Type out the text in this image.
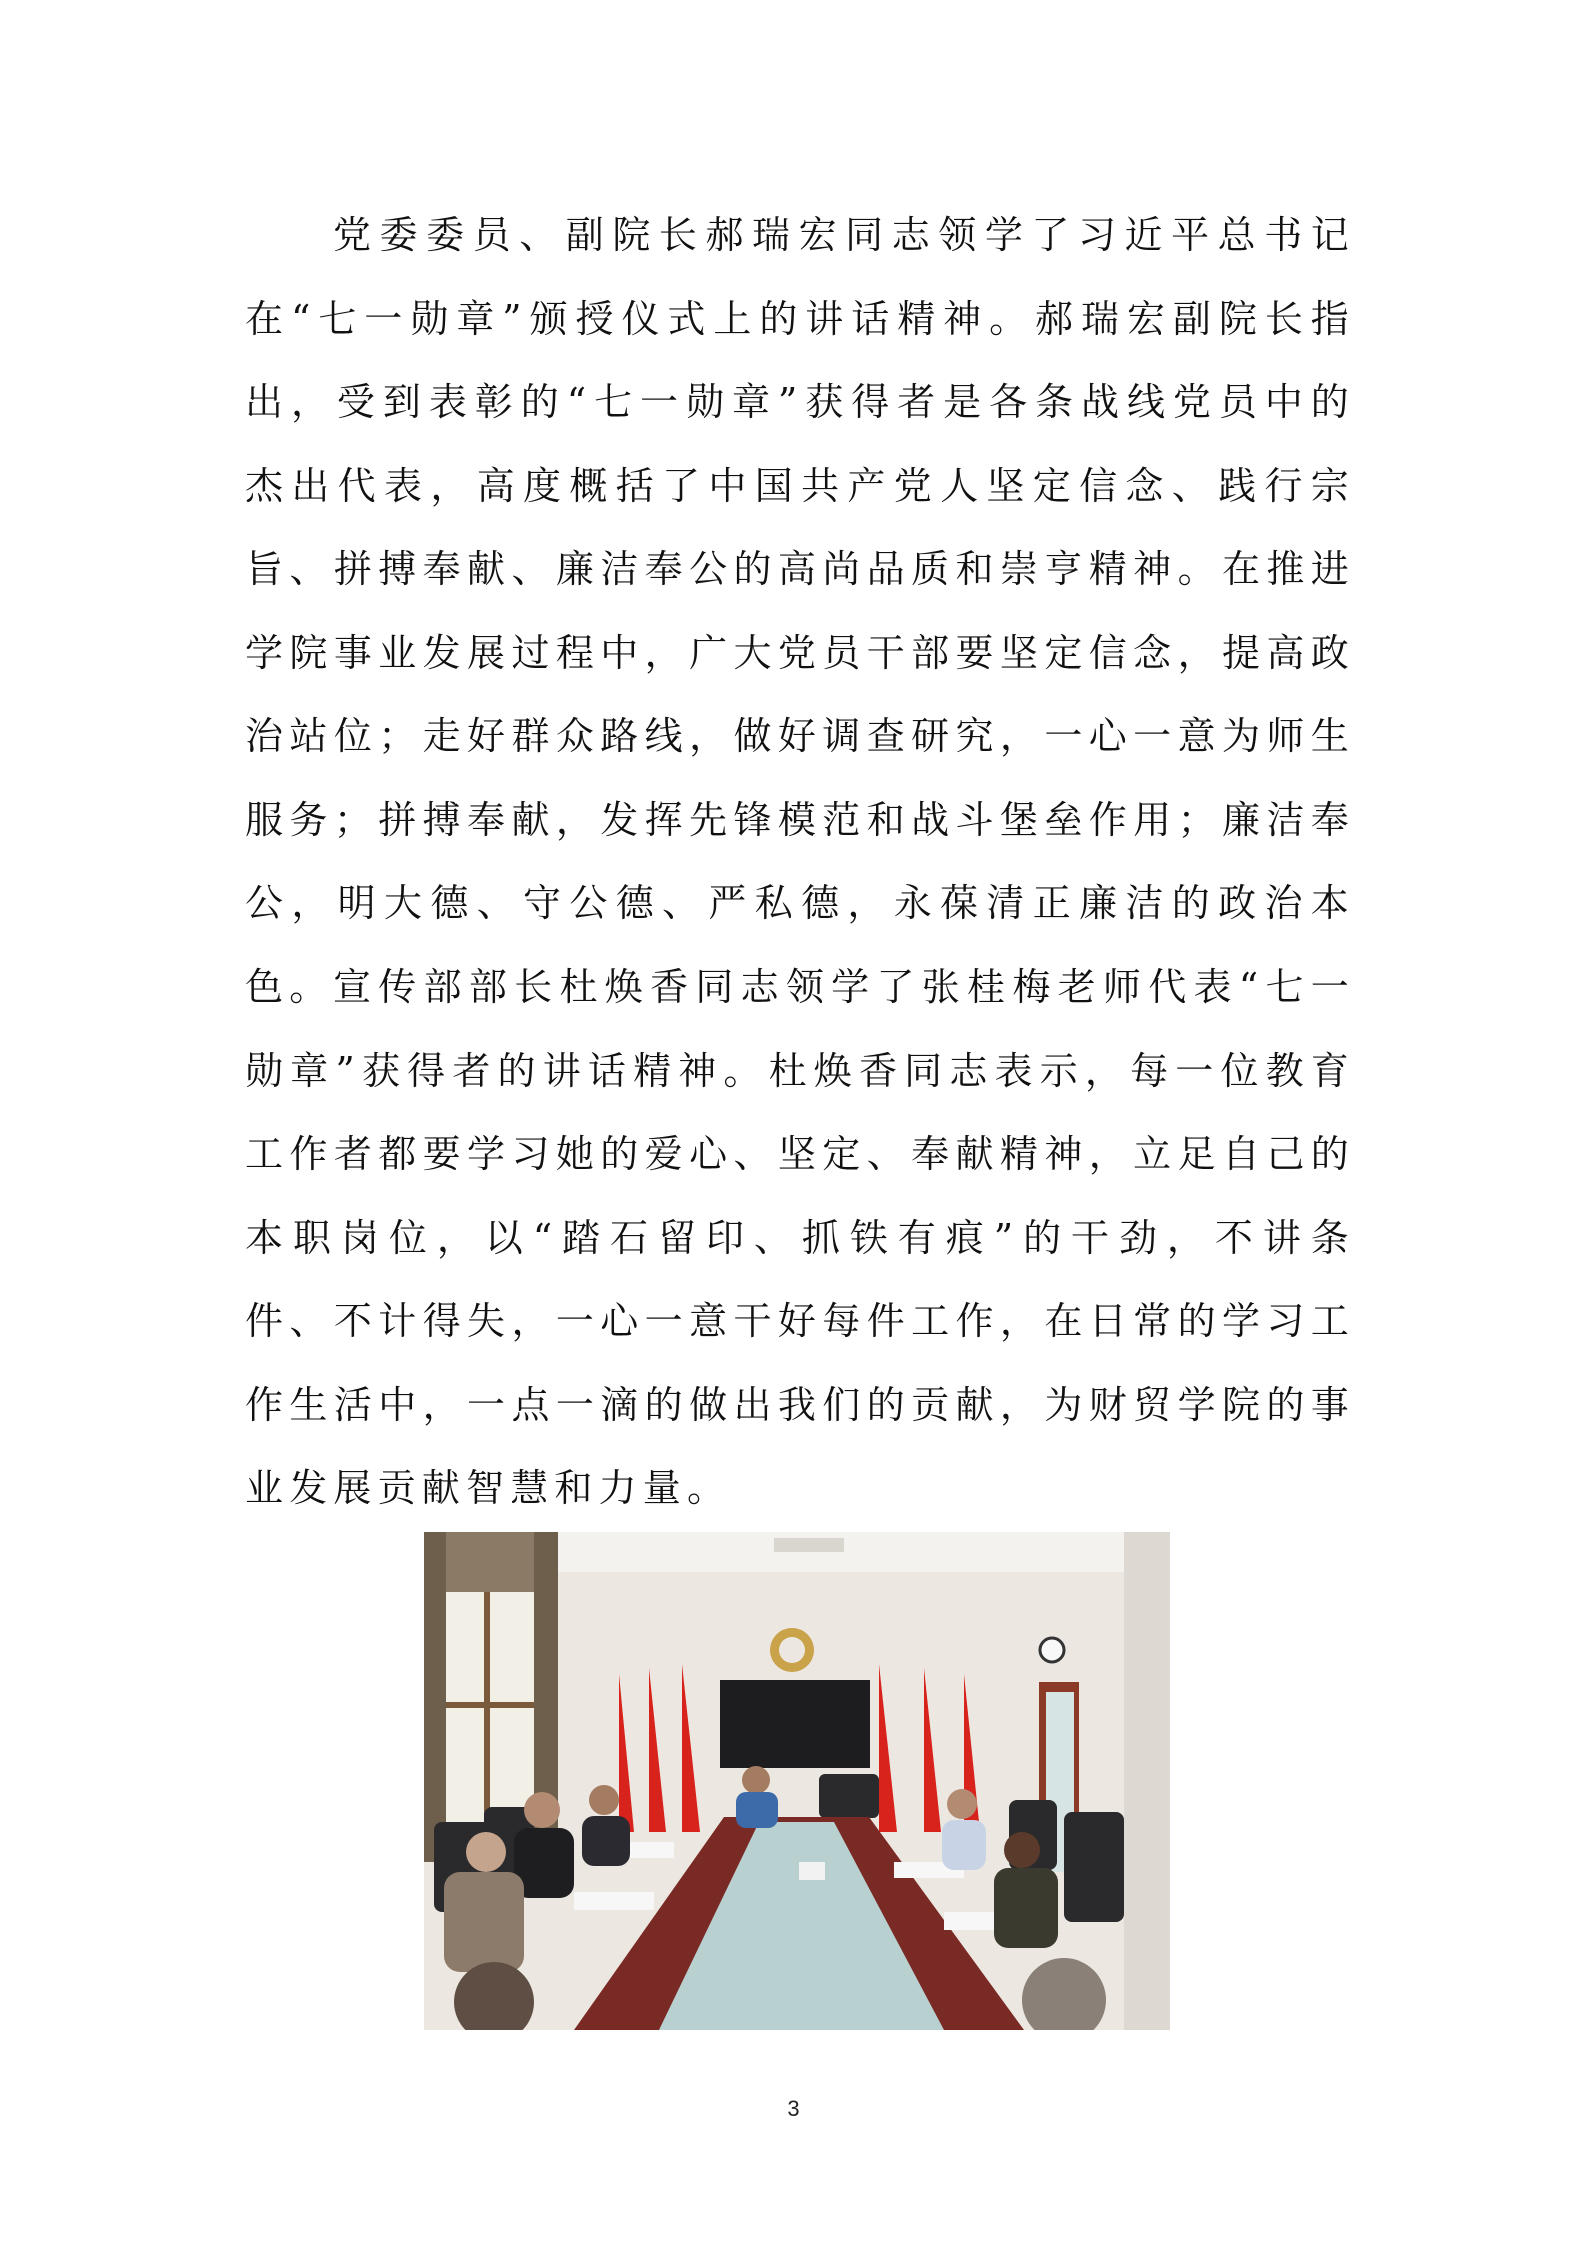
党委委员、副院长郝瑞宏同志领学了习近平总书记在“七一勋章”颁授仪式上的讲话精神。郝瑞宏副院长指出，受到表彰的“七一勋章”获得者是各条战线党员中的杰出代表，高度概括了中国共产党人坚定信念、践行宗旨、拼搏奉献、廉洁奉公的高尚品质和崇亨精神。在推进学院事业发展过程中，广大党员干部要坚定信念，提高政治站位；走好群众路线，做好调查研究，一心一意为师生服务；拼搏奉献，发挥先锋模范和战斗堡垒作用；廉洁奉公，明大德、守公德、严私德，永葆清正廉洁的政治本色。 宣传部部长杜焕香同志领学了张桂梅老师代表“七一勋章”获得者的讲话精神。杜焕香同志表示，每一位教育工作者都要学习她的爱心、坚定、奉献精神，立足自己的本职岗位，以“踏石留印、抓铁有痕”的干劲，不讲条件、不计得失，一心一意干好每件工作，在日常的学习工作生活中，一点一滴的做出我们的贡献，为财贸学院的事业发展贡献智慧和力量。

3
